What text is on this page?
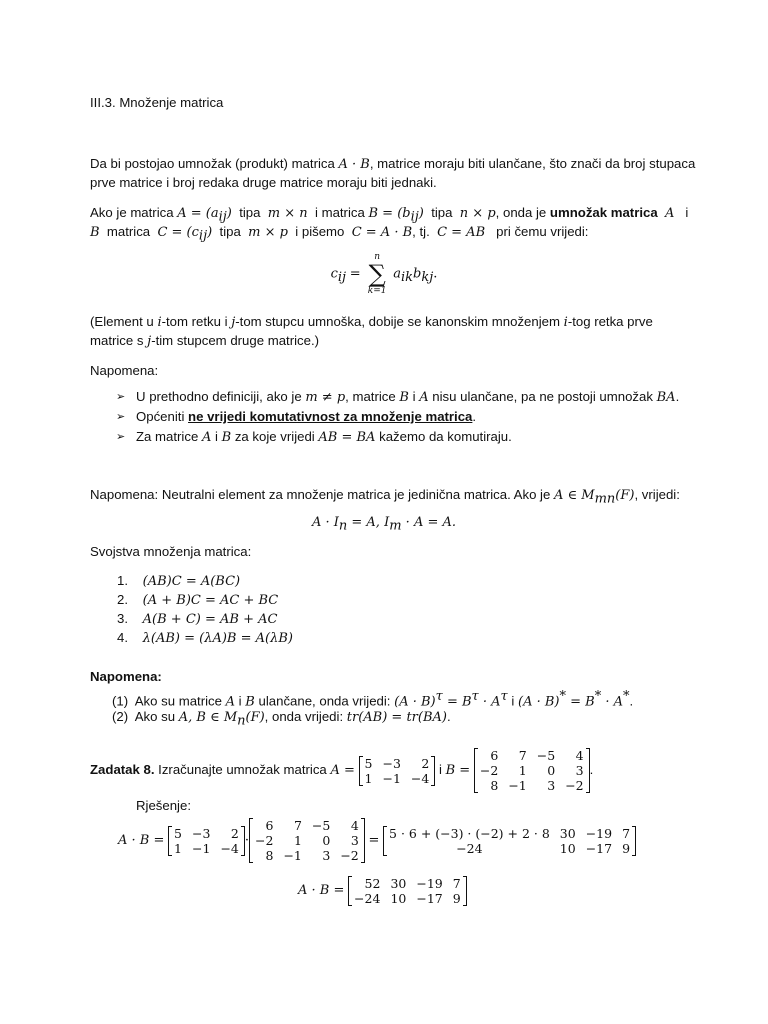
III.3. Množenje matrica
Da bi postojao umnožak (produkt) matrica A · B, matrice moraju biti ulančane, što znači da broj stupaca
prve matrice i broj redaka druge matrice moraju biti jednaki.
Ako je matrica $A = (a_{ij})$ tipa m × n i matrica $B = (b_{ij})$ tipa n × p, onda je umnožak matrica A i
B matrica $C = (c_{ij})$ tipa m × p i pišemo C = A · B, tj. C = AB pri čemu vrijedi:
$c_{ij}$ =
n
∑
k=1
$a_{ik}b_{kj}$.
(Element u i-tom retku i j-tom stupcu umnoška, dobije se kanonskim množenjem i-tog retka prve
matrice s j-tim stupcem druge matrice.)
Napomena:
➢ U prethodno definiciji, ako je m ≠ p, matrice B i A nisu ulančane, pa ne postoji umnožak BA.
➢ Općeniti ne vrijedi komutativnost za množenje matrica.
➢ Za matrice A i B za koje vrijedi AB = BA kažemo da komutiraju.
Napomena: Neutralni element za množenje matrica je jedinična matrica. Ako je A ∈ $M_{mn}(F)$, vrijedi:
$A \cdot I_n = A$, $I_m \cdot A = A$.
Svojstva množenja matrica:
1. (AB)C = A(BC)
2. (A + B)C = AC + BC
3. A(B + C) = AB + AC
4. λ(AB) = (λA)B = A(λB)
Napomena:
(1) Ako su matrice A i B ulančane, onda vrijedi: $(A \cdot B)^\tau = B^\tau \cdot A^\tau$ i (A · B)* = B* · A*.
(2) Ako su A, B ∈ $M_n(F)$, onda vrijedi: tr(AB) = tr(BA).
Zadatak 8. Izračunajte umnožak matrica A = 5	−3	2
1	−1	−4
i B =
6	7	−5	4
−2	1	0	3
8	−1	3	−2
.
Rješenje:
A · B = 5	−3	2
1	−1	−4
·
6	7	−5	4
−2	1	0	3
8	−1	3	−2
= 5 · 6 + (−3) · (−2) + 2 · 8	30	−19	7
−24	10	−17	9
A · B = 52	30	−19	7
−24	10	−17	9
